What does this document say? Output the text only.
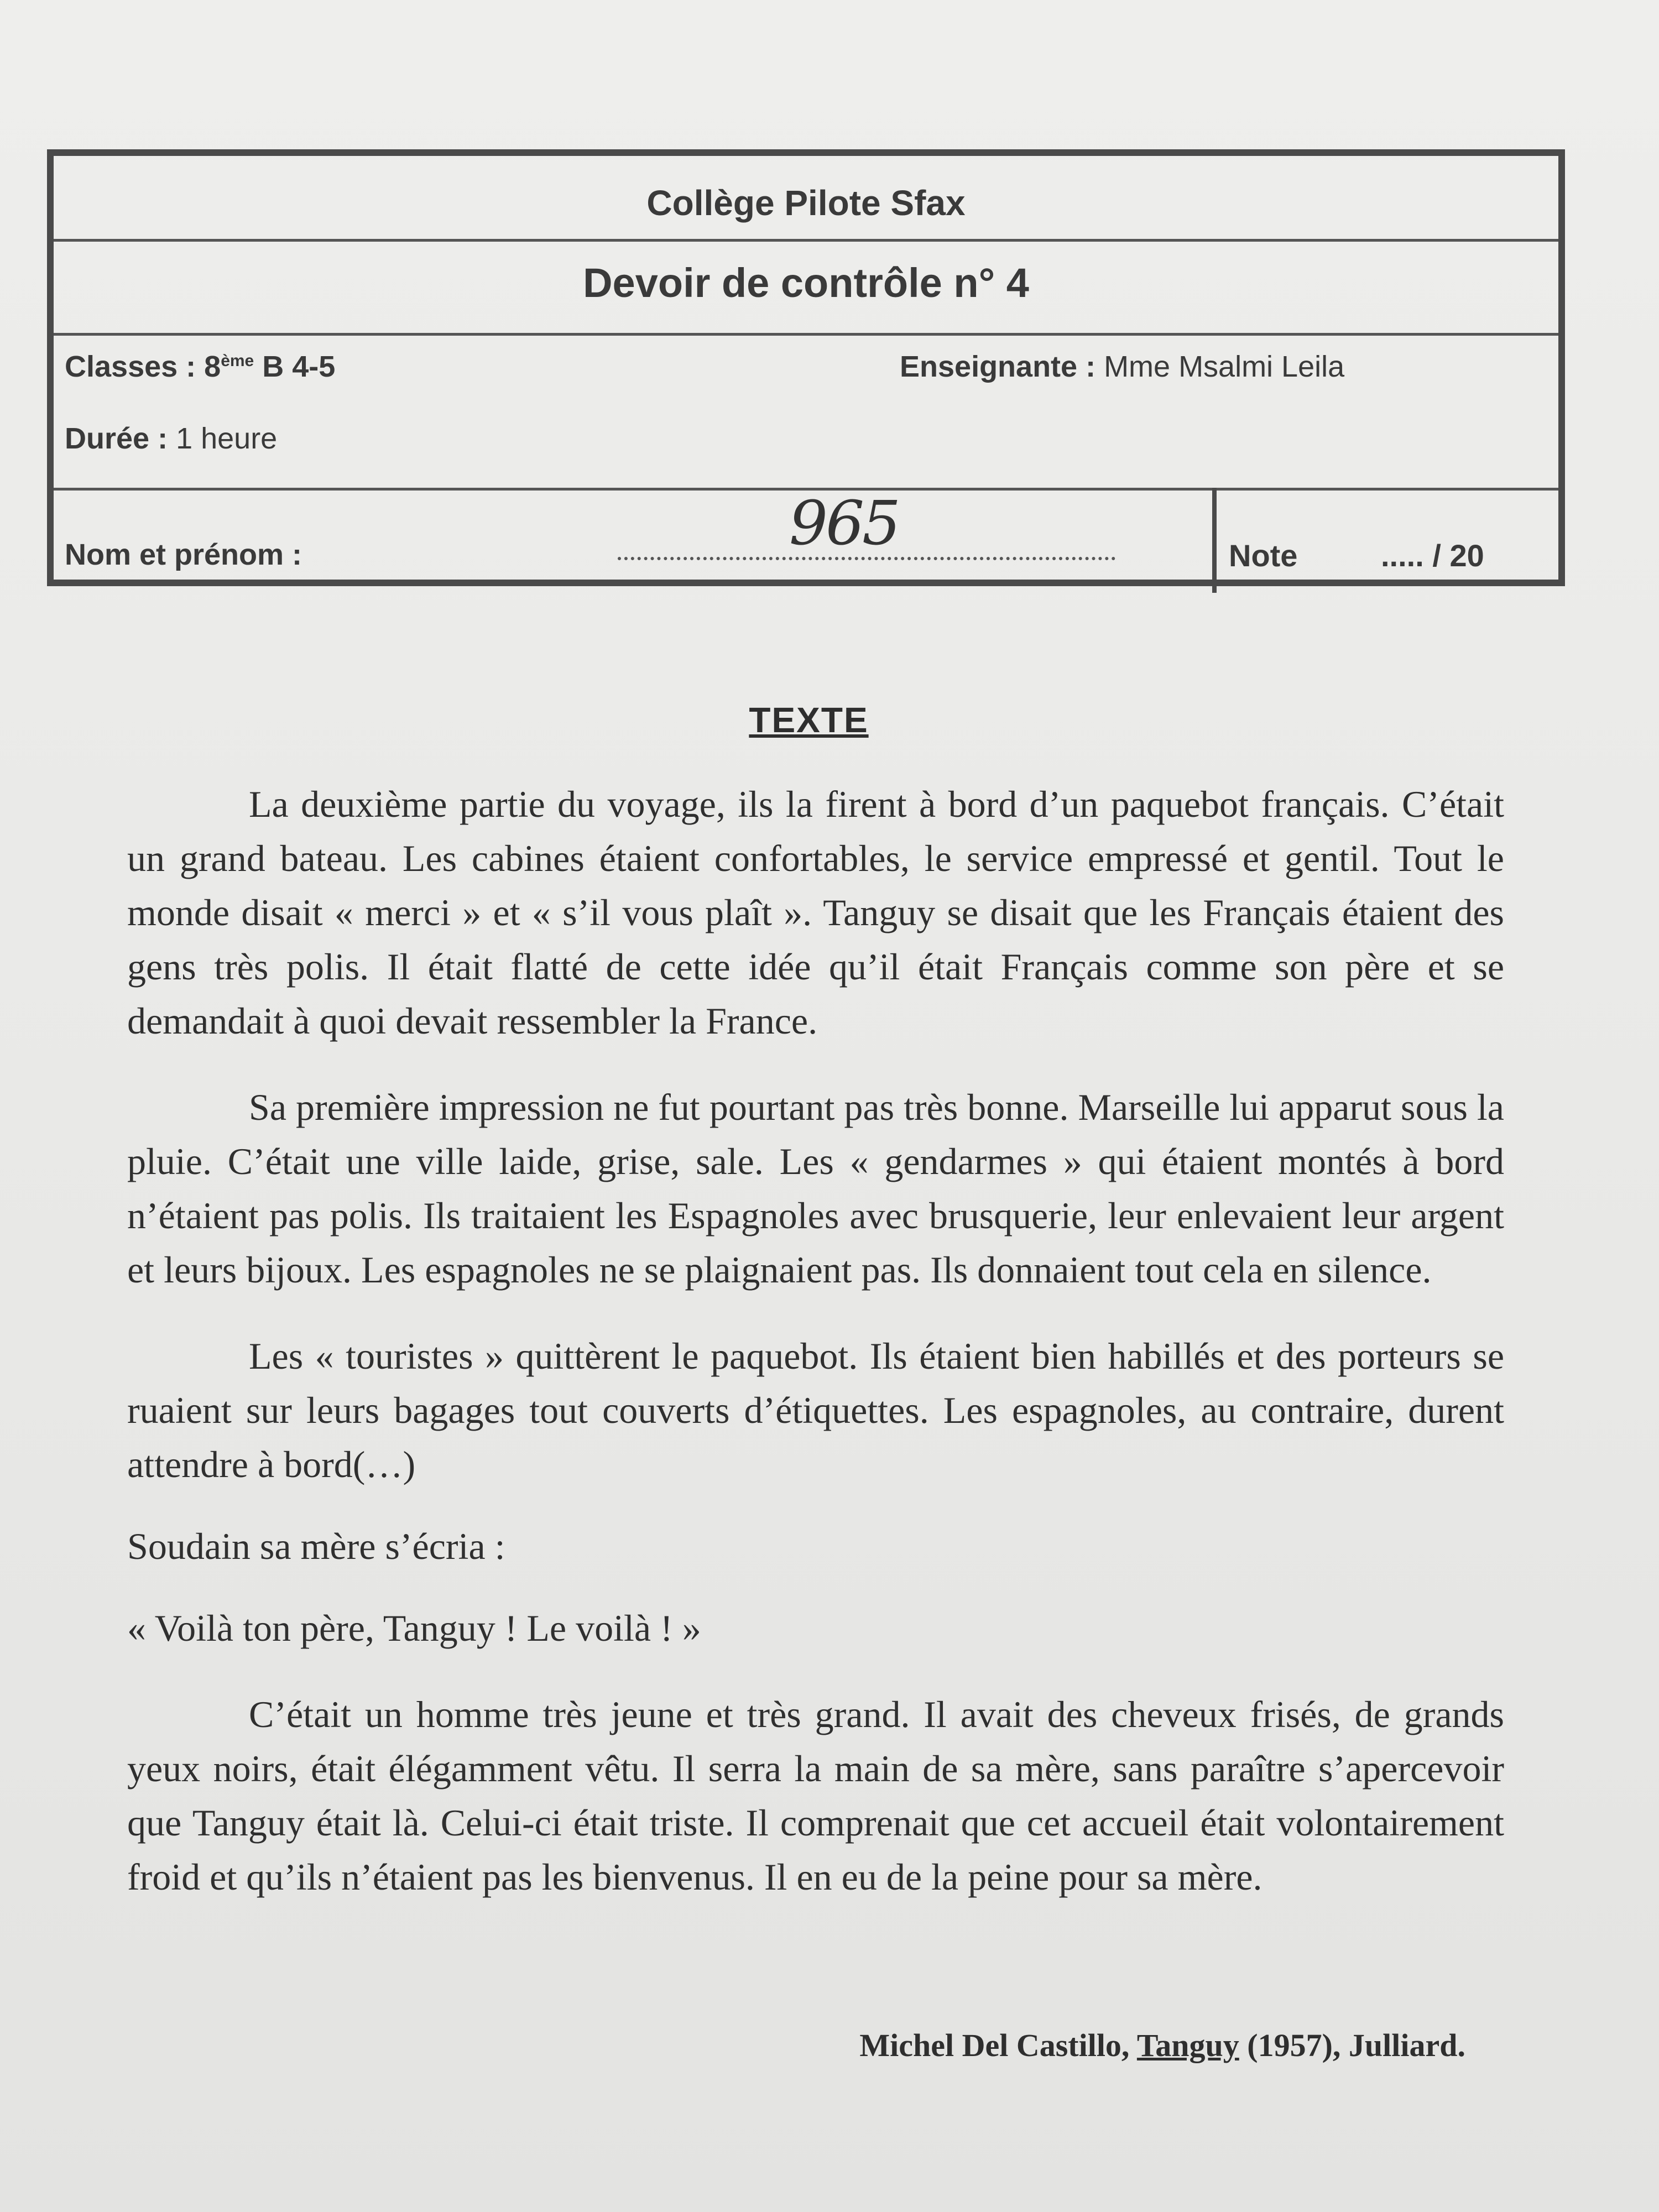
Collège Pilote Sfax
Devoir de contrôle n° 4
Classes : 8ème B 4-5	Enseignante : Mme Msalmi Leila
Durée : 1 heure
Nom et prénom :	965	Note	..... / 20
TEXTE

La deuxième partie du voyage, ils la firent à bord d’un paquebot français. C’était un grand bateau. Les cabines étaient confortables, le service empressé et gentil. Tout le monde disait « merci » et « s’il vous plaît ». Tanguy se disait que les Français étaient des gens très polis. Il était flatté de cette idée qu’il était Français comme son père et se demandait à quoi devait ressembler la France.

Sa première impression ne fut pourtant pas très bonne. Marseille lui apparut sous la pluie. C’était une ville laide, grise, sale. Les « gendarmes » qui étaient montés à bord n’étaient pas polis. Ils traitaient les Espagnoles avec brusquerie, leur enlevaient leur argent et leurs bijoux. Les espagnoles ne se plaignaient pas. Ils donnaient tout cela en silence.

Les « touristes » quittèrent le paquebot. Ils étaient bien habillés et des porteurs se ruaient sur leurs bagages tout couverts d’étiquettes. Les espagnoles, au contraire, durent attendre à bord(…)

Soudain sa mère s’écria :

« Voilà ton père, Tanguy ! Le voilà ! »

C’était un homme très jeune et très grand. Il avait des cheveux frisés, de grands yeux noirs, était élégamment vêtu. Il serra la main de sa mère, sans paraître s’apercevoir que Tanguy était là. Celui-ci était triste. Il comprenait que cet accueil était volontairement froid et qu’ils n’étaient pas les bienvenus. Il en eu de la peine pour sa mère.

Michel Del Castillo, Tanguy (1957), Julliard.
